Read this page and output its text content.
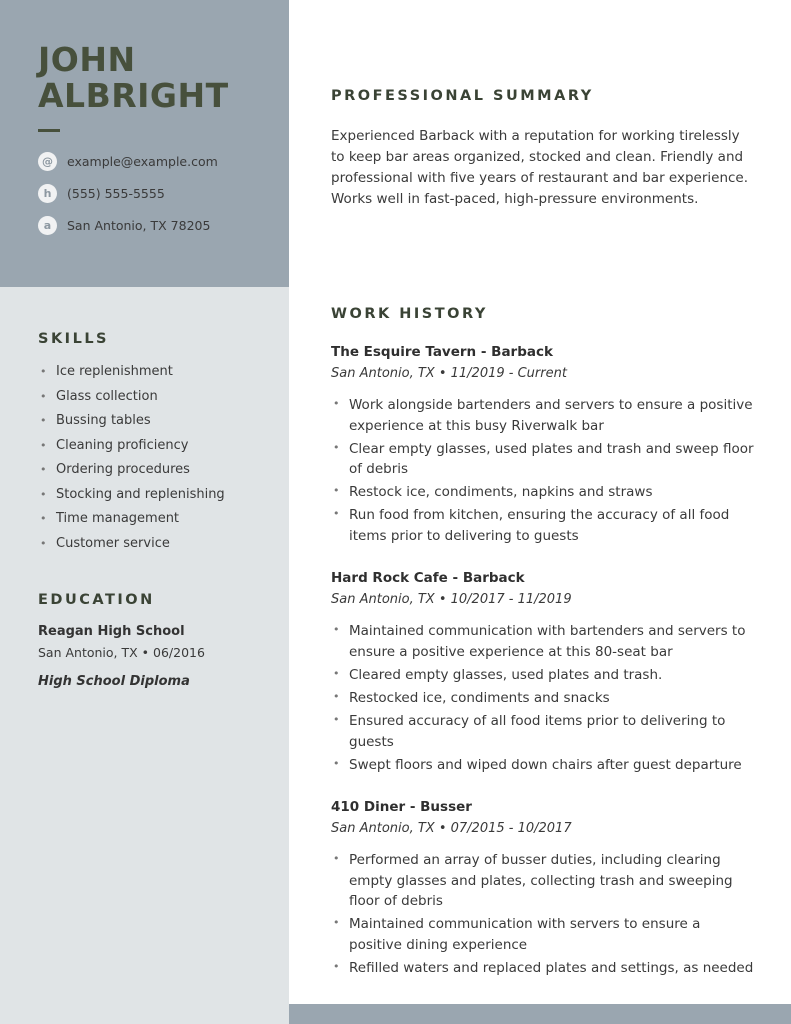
JOHN
ALBRIGHT
@	example@example.com
h	(555) 555-5555
a	San Antonio, TX 78205
SKILLS
• Ice replenishment
• Glass collection
• Bussing tables
• Cleaning proficiency
• Ordering procedures
• Stocking and replenishing
• Time management
• Customer service
EDUCATION
Reagan High School
San Antonio, TX • 06/2016
High School Diploma
PROFESSIONAL SUMMARY

Experienced Barback with a reputation for working tirelessly to keep bar areas organized, stocked and clean. Friendly and professional with five years of restaurant and bar experience. Works well in fast-paced, high-pressure environments.

WORK HISTORY
The Esquire Tavern - Barback
San Antonio, TX • 11/2019 - Current
• Work alongside bartenders and servers to ensure a positive experience at this busy Riverwalk bar
• Clear empty glasses, used plates and trash and sweep floor of debris
• Restock ice, condiments, napkins and straws
• Run food from kitchen, ensuring the accuracy of all food items prior to delivering to guests
Hard Rock Cafe - Barback
San Antonio, TX • 10/2017 - 11/2019
• Maintained communication with bartenders and servers to ensure a positive experience at this 80-seat bar
• Cleared empty glasses, used plates and trash.
• Restocked ice, condiments and snacks
• Ensured accuracy of all food items prior to delivering to guests
• Swept floors and wiped down chairs after guest departure
410 Diner - Busser
San Antonio, TX • 07/2015 - 10/2017
• Performed an array of busser duties, including clearing empty glasses and plates, collecting trash and sweeping floor of debris
• Maintained communication with servers to ensure a positive dining experience
• Refilled waters and replaced plates and settings, as needed
